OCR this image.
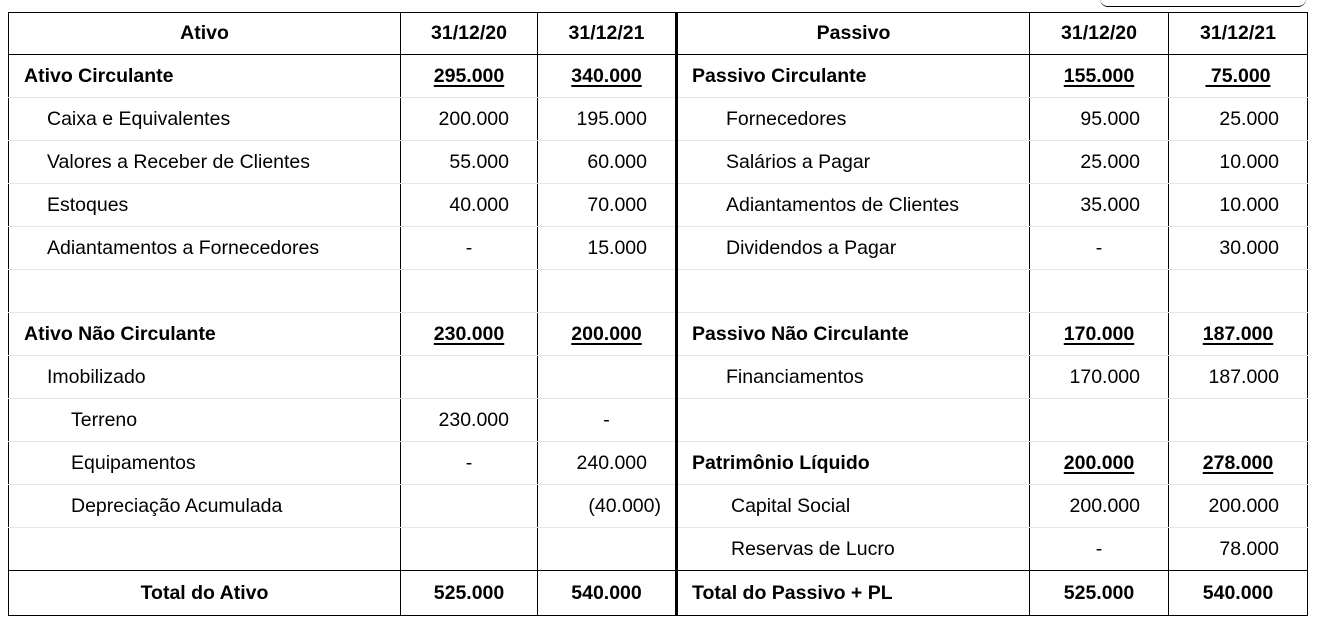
Ativo	31/12/20	31/12/21	Passivo	31/12/20	31/12/21
Ativo Circulante	295.000	340.000	Passivo Circulante	155.000	75.000
Caixa e Equivalentes	200.000	195.000	Fornecedores	95.000	25.000
Valores a Receber de Clientes	55.000	60.000	Salários a Pagar	25.000	10.000
Estoques	40.000	70.000	Adiantamentos de Clientes	35.000	10.000
Adiantamentos a Fornecedores	-	15.000	Dividendos a Pagar	-	30.000

Ativo Não Circulante	230.000	200.000	Passivo Não Circulante	170.000	187.000
Imobilizado			Financiamentos	170.000	187.000
Terreno	230.000	-			
Equipamentos	-	240.000	Patrimônio Líquido	200.000	278.000
Depreciação Acumulada		(40.000)	Capital Social	200.000	200.000
			Reservas de Lucro	-	78.000
Total do Ativo	525.000	540.000	Total do Passivo + PL	525.000	540.000
